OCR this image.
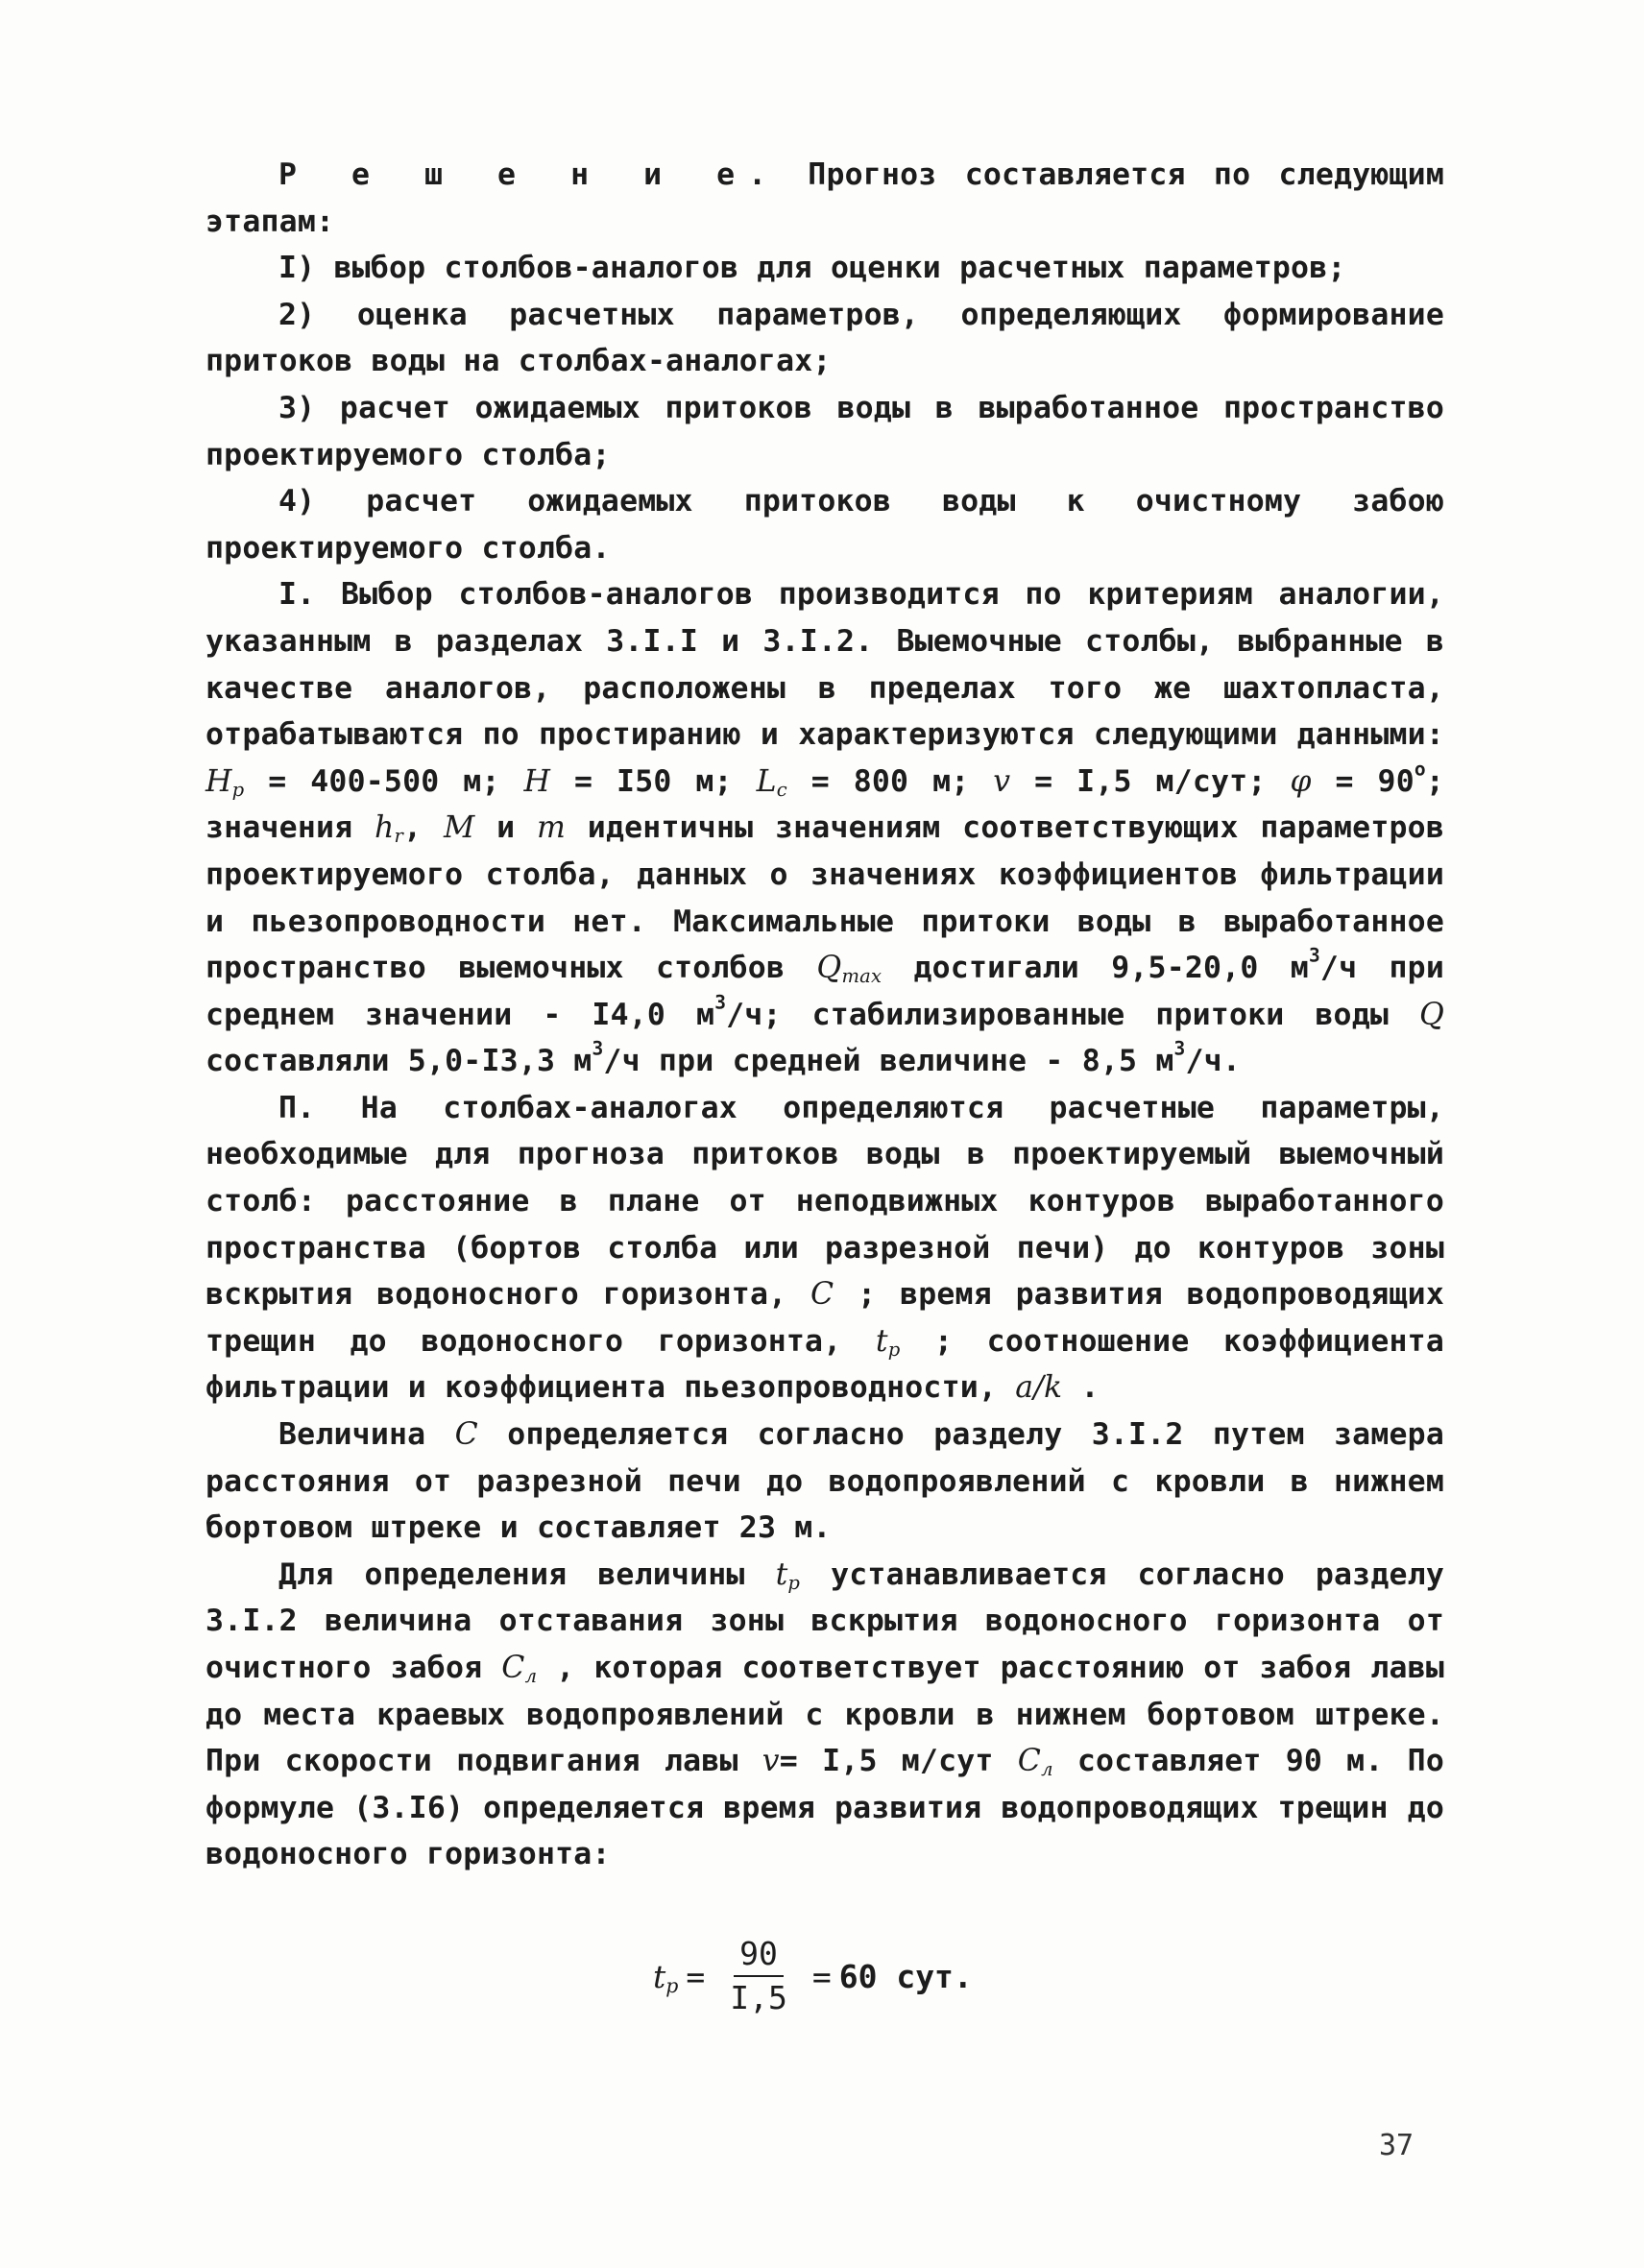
Р е ш е н и е. Прогноз составляется по следующим этапам:

I) выбор столбов-аналогов для оценки расчетных параметров;

2) оценка расчетных параметров, определяющих формирование притоков воды на столбах-аналогах;

3) расчет ожидаемых притоков воды в выработанное пространство проектируемого столба;

4) расчет ожидаемых притоков воды к очистному забою проектируемого столба.

I. Выбор столбов-аналогов производится по критериям аналогии, указанным в разделах 3.I.I и 3.I.2. Выемочные столбы, выбранные в качестве аналогов, расположены в пределах того же шахтопласта, отрабатываются по простиранию и характеризуются следующими данными: $H_p = 400-500$ м; H = I50 м; $L_c = 800$ м; v = I,5 м/сут; $\varphi = 90^о$; значения $h_r$, M и m идентичны значениям соответствующих параметров проектируемого столба, данных о значениях коэффициентов фильтрации и пьезопроводности нет. Максимальные притоки воды в выработанное пространство выемочных столбов $Q_{max}$ достигали 9,5-20,0 $м^3/ч$ при среднем значении - I4,0 $м^3/ч$; стабилизированные притоки воды Q составляли 5,0-I3,3 $м^3/ч$ при средней величине - 8,5 $м^3/ч$.

П. На столбах-аналогах определяются расчетные параметры, необходимые для прогноза притоков воды в проектируемый выемочный столб: расстояние в плане от неподвижных контуров выработанного пространства (бортов столба или разрезной печи) до контуров зоны вскрытия водоносного горизонта, C ; время развития водопроводящих трещин до водоносного горизонта, $t_p$ ; соотношение коэффициента фильтрации и коэффициента пьезопроводности, a/k .

Величина C определяется согласно разделу 3.I.2 путем замера расстояния от разрезной печи до водопроявлений с кровли в нижнем бортовом штреке и составляет 23 м.

Для определения величины $t_p$ устанавливается согласно разделу 3.I.2 величина отставания зоны вскрытия водоносного горизонта от очистного забоя $C_л$ , которая соответствует расстоянию от забоя лавы до места краевых водопроявлений с кровли в нижнем бортовом штреке. При скорости подвигания лавы v= I,5 м/сут $C_л$ составляет 90 м. По формуле (3.I6) определяется время развития водопроводящих трещин до водоносного горизонта:

$t_p = \frac{90}{I,5} = 60$ сут.
37
